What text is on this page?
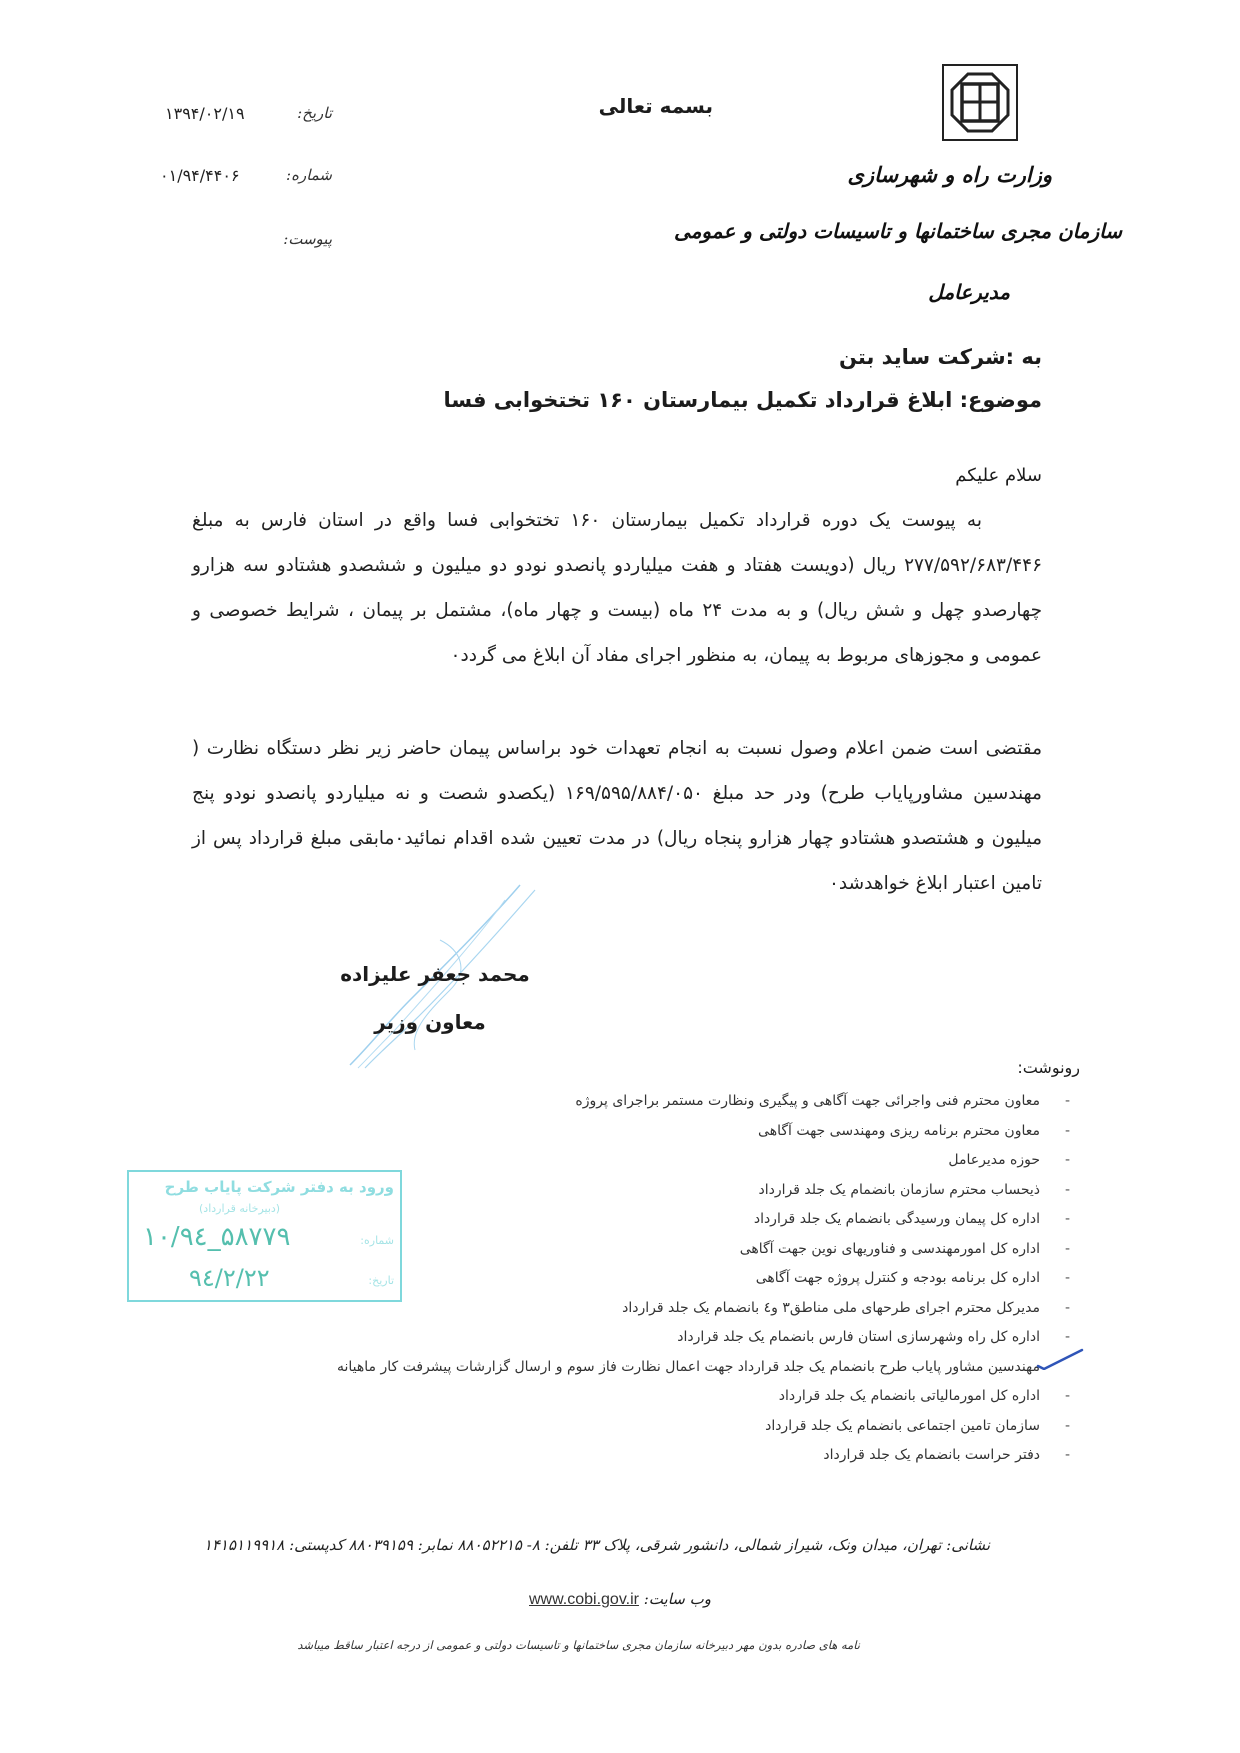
بسمه تعالی
وزارت راه و شهرسازی
سازمان مجری ساختمانها و تاسیسات دولتی و عمومی
مدیرعامل
تاریخ:
۱۳۹۴/۰۲/۱۹
شماره:
۰۱/۹۴/۴۴۰۶
پیوست:
به :شرکت ساید بتن
موضوع: ابلاغ قرارداد تکمیل بیمارستان ۱۶۰ تختخوابی فسا
سلام علیکم
به پیوست یک دوره قرارداد تکمیل بیمارستان ۱۶۰ تختخوابی فسا واقع در استان فارس به مبلغ ۲۷۷/۵۹۲/۶۸۳/۴۴۶ ریال (دویست هفتاد و هفت میلیاردو پانصدو نودو دو میلیون و ششصدو هشتادو سه هزارو چهارصدو چهل و شش ریال) و به مدت ۲۴ ماه (بیست و چهار ماه)، مشتمل بر پیمان ، شرایط خصوصی و عمومی و مجوزهای مربوط به پیمان، به منظور اجرای مفاد آن ابلاغ می گردد٠
مقتضی است ضمن اعلام وصول نسبت به انجام تعهدات خود براساس پیمان حاضر زیر نظر دستگاه نظارت ( مهندسین مشاورپایاب طرح) ودر حد مبلغ ۱۶۹/۵۹۵/۸۸۴/۰۵۰ (یکصدو شصت و نه میلیاردو پانصدو نودو پنج میلیون و هشتصدو هشتادو چهار هزارو پنجاه ریال) در مدت تعیین شده اقدام نمائید٠مابقی مبلغ قرارداد پس از تامین اعتبار ابلاغ خواهدشد٠
محمد جعفر علیزاده
معاون وزیر
رونوشت:
-
معاون محترم فنی واجرائی جهت آگاهی و پیگیری ونظارت مستمر براجرای پروژه
-
معاون محترم برنامه ریزی ومهندسی جهت آگاهی
-
حوزه مدیرعامل
-
ذیحساب محترم سازمان بانضمام یک جلد قرارداد
-
اداره کل پیمان ورسیدگی بانضمام یک جلد قرارداد
-
اداره کل امورمهندسی و فناوریهای نوین جهت آگاهی
-
اداره کل برنامه بودجه و کنترل پروژه جهت آگاهی
-
مدیرکل محترم اجرای طرحهای ملی مناطق۳ و٤ بانضمام یک جلد قرارداد
-
اداره کل راه وشهرسازی استان فارس بانضمام یک جلد قرارداد
مهندسین مشاور پایاب طرح بانضمام یک جلد قرارداد جهت اعمال نظارت فاز سوم و ارسال گزارشات پیشرفت کار ماهیانه
-
اداره کل امورمالیاتی بانضمام یک جلد قرارداد
-
سازمان تامین اجتماعی بانضمام یک جلد قرارداد
-
دفتر حراست بانضمام یک جلد قرارداد
ورود به دفتر شرکت پایاب طرح
(دبیرخانه قرارداد)
شماره:
۱۰/۹٤_۵۸۷۷۹
تاریخ:
۹٤/۲/۲۲
نشانی: تهران، میدان ونک، شیراز شمالی، دانشور شرقی، پلاک ۳۳ تلفن: ۸- ۸۸۰۵۲۲۱۵ نمابر: ۸۸۰۳۹۱۵۹ کدپستی: ۱۴۱۵۱۱۹۹۱۸
وب سایت: www.cobi.gov.ir
نامه های صادره بدون مهر دبیرخانه سازمان مجری ساختمانها و تاسیسات دولتی و عمومی از درجه اعتبار ساقط میباشد
